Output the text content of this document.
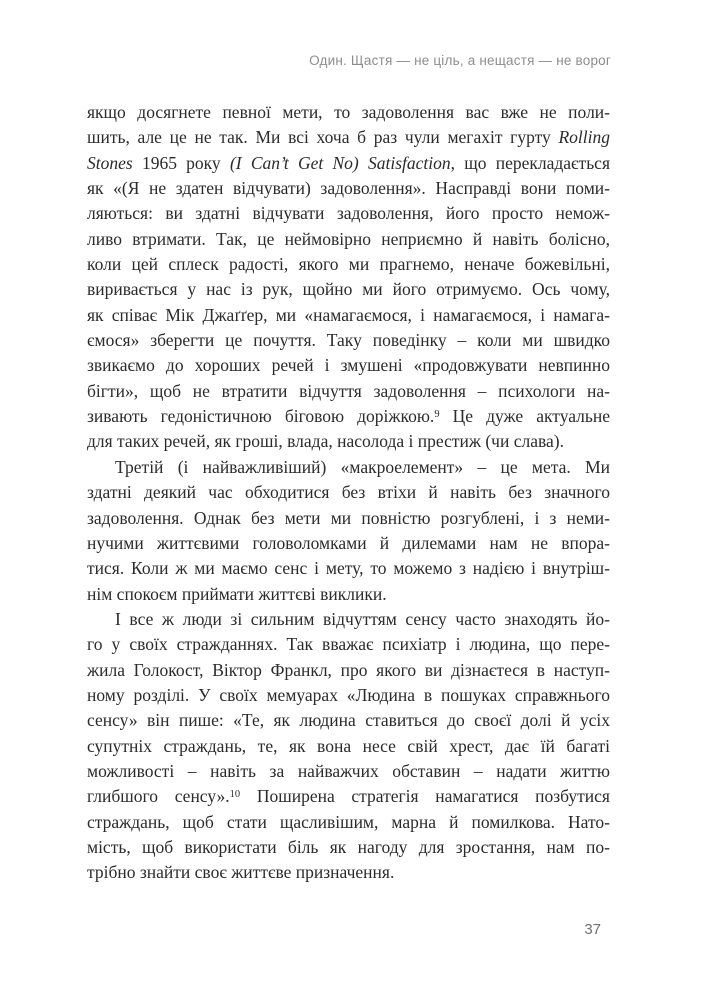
Один. Щастя — не ціль, а нещастя — не ворог
якщо досягнете певної мети, то задоволення вас вже не поли-
шить, але це не так. Ми всі хоча б раз чули мегахіт гурту Rolling
Stones 1965 року (I Can’t Get No) Satisfaction, що перекладається
як «(Я не здатен відчувати) задоволення». Насправді вони поми-
ляються: ви здатні відчувати задоволення, його просто немож-
ливо втримати. Так, це неймовірно неприємно й навіть болісно,
коли цей сплеск радості, якого ми прагнемо, неначе божевільні,
виривається у нас із рук, щойно ми його отримуємо. Ось чому,
як співає Мік Джаґґер, ми «намагаємося, і намагаємося, і намага-
ємося» зберегти це почуття. Таку поведінку – коли ми швидко
звикаємо до хороших речей і змушені «продовжувати невпинно
бігти», щоб не втратити відчуття задоволення – психологи на-
зивають гедоністичною біговою доріжкою.$^9$ Це дуже актуальне
для таких речей, як гроші, влада, насолода і престиж (чи слава).
Третій (і найважливіший) «макроелемент» – це мета. Ми
здатні деякий час обходитися без втіхи й навіть без значного
задоволення. Однак без мети ми повністю розгублені, і з неми-
нучими життєвими головоломками й дилемами нам не впора-
тися. Коли ж ми маємо сенс і мету, то можемо з надією і внутріш-
нім спокоєм приймати життєві виклики.
І все ж люди зі сильним відчуттям сенсу часто знаходять йо-
го у своїх стражданнях. Так вважає психіатр і людина, що пере-
жила Голокост, Віктор Франкл, про якого ви дізнаєтеся в наступ-
ному розділі. У своїх мемуарах «Людина в пошуках справжнього
сенсу» він пише: «Те, як людина ставиться до своєї долі й усіх
супутніх страждань, те, як вона несе свій хрест, дає їй багаті
можливості – навіть за найважчих обставин – надати життю
глибшого сенсу».$^{10}$ Поширена стратегія намагатися позбутися
страждань, щоб стати щасливішим, марна й помилкова. Нато-
мість, щоб використати біль як нагоду для зростання, нам по-
трібно знайти своє життєве призначення.
37
